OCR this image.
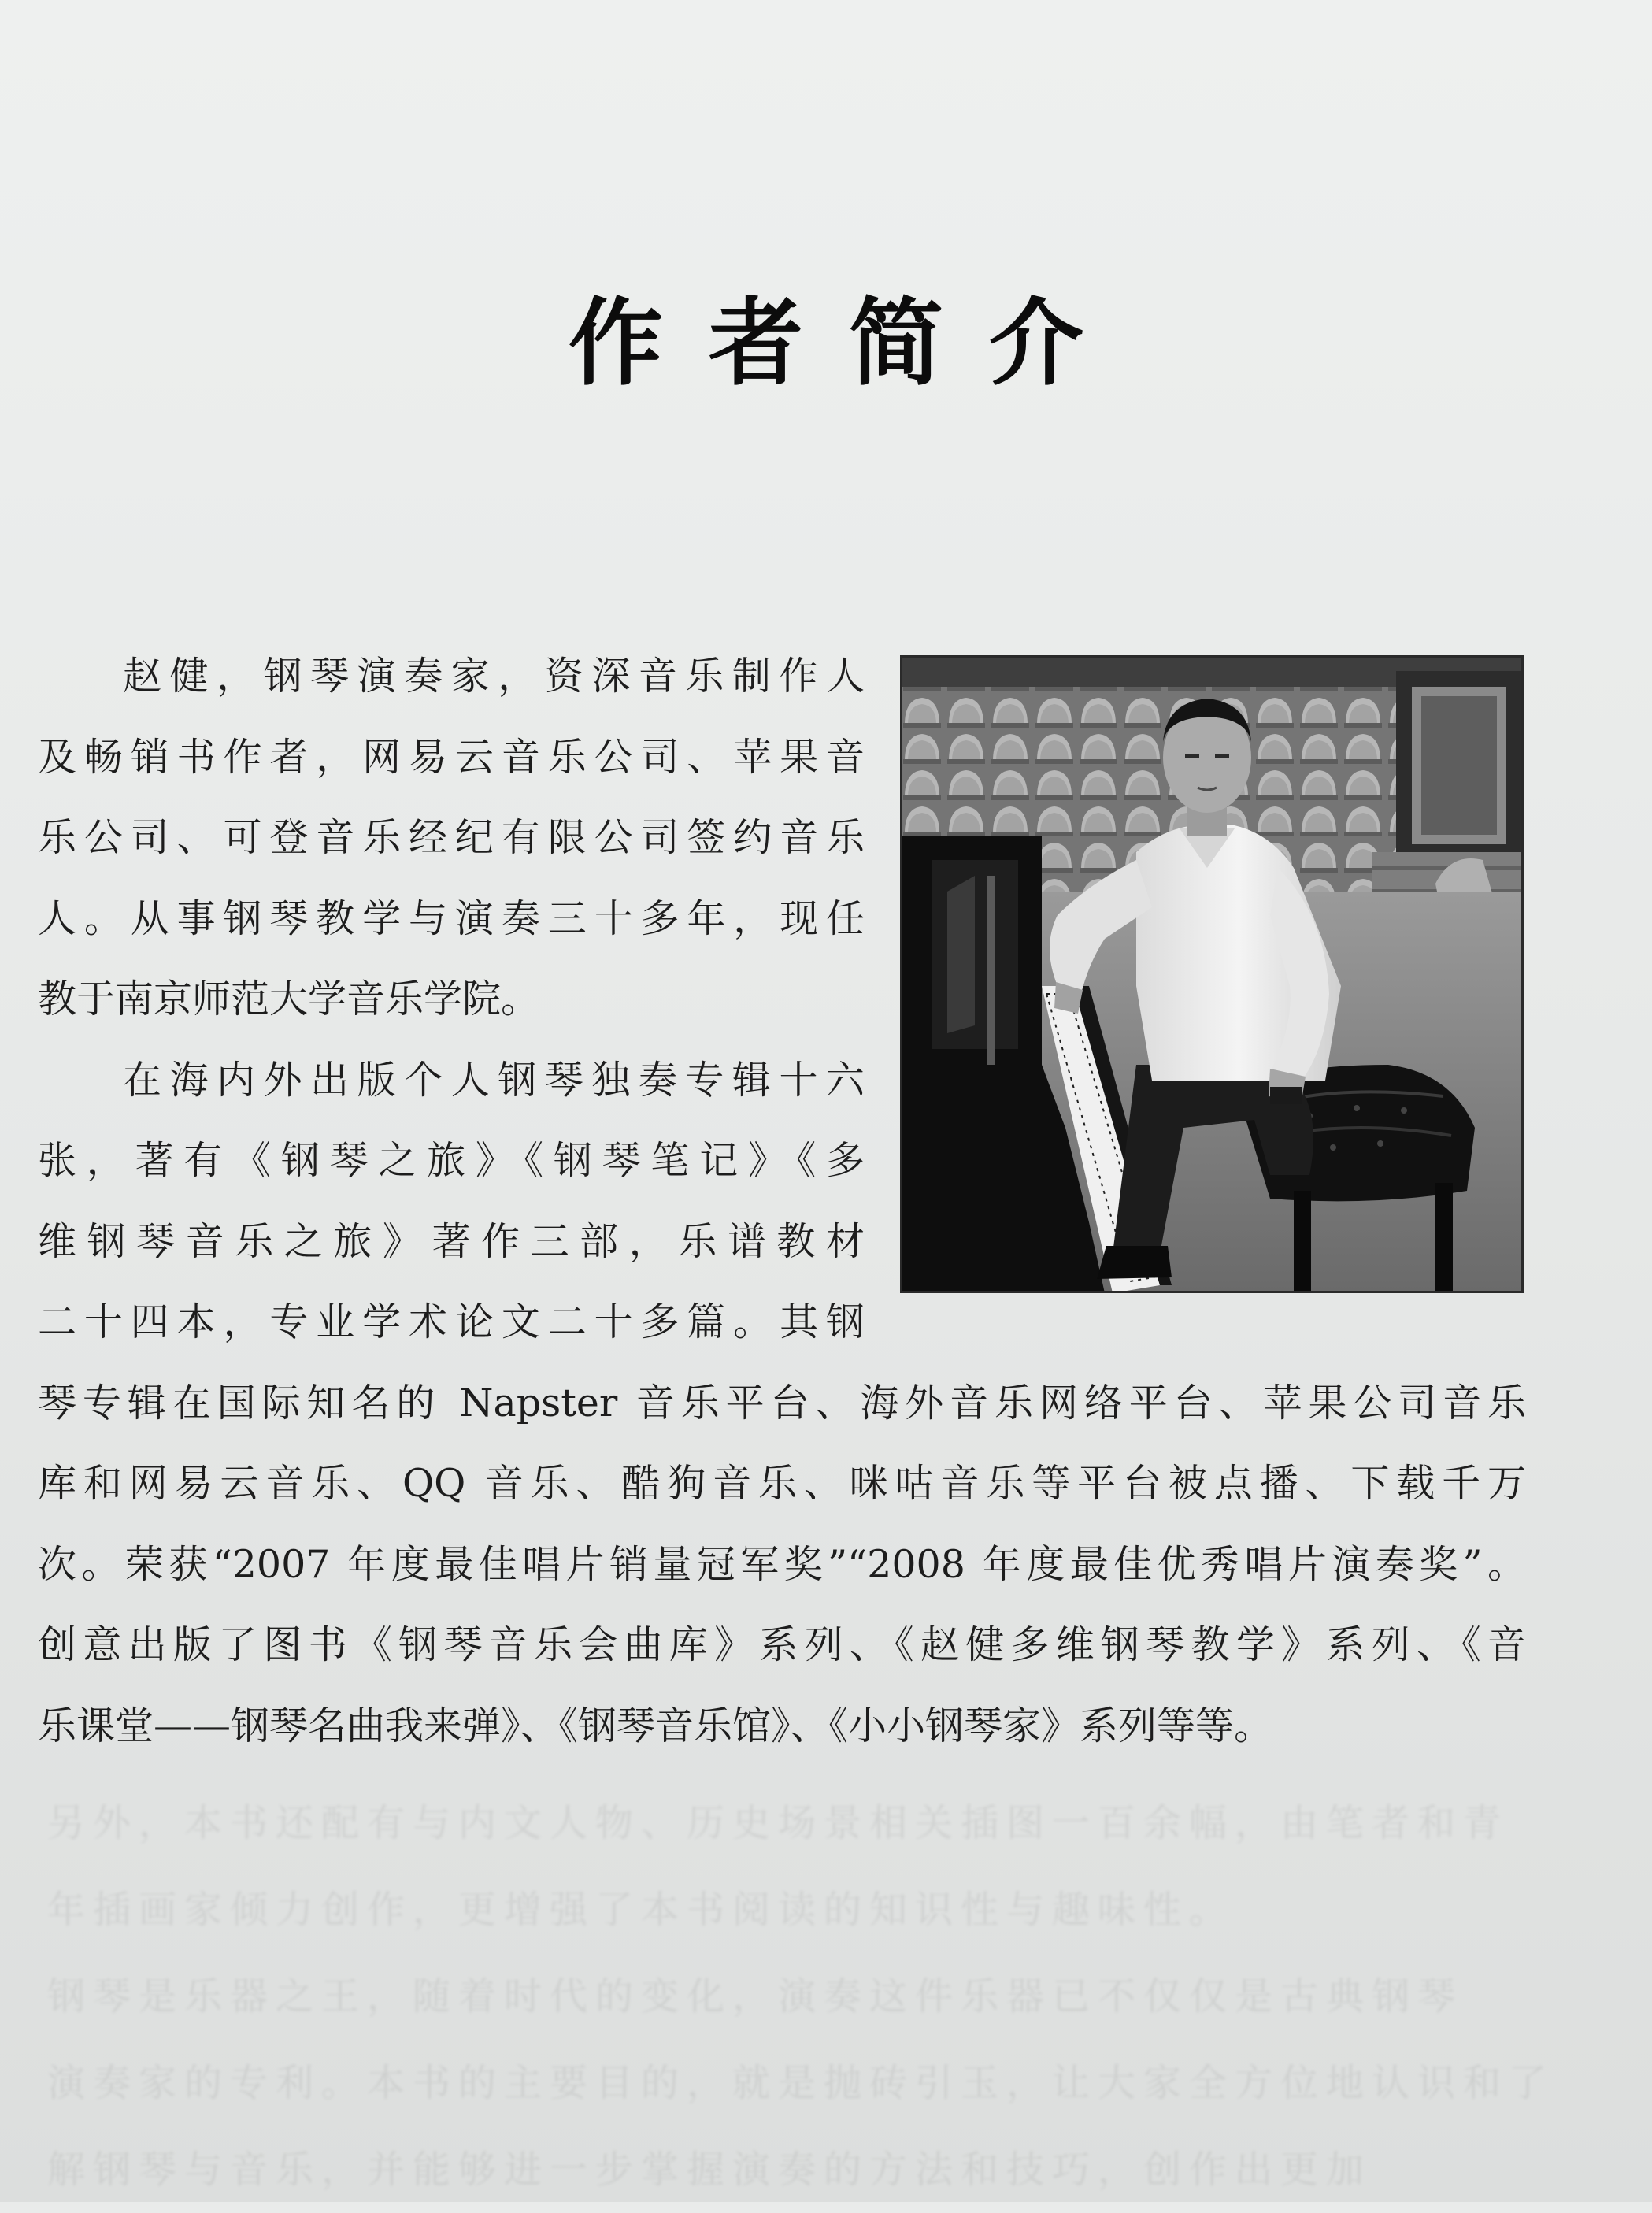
另外，本书还配有与内文人物、历史场景相关插图一百余幅，由笔者和青

年插画家倾力创作，更增强了本书阅读的知识性与趣味性。

钢琴是乐器之王，随着时代的变化，演奏这件乐器已不仅仅是古典钢琴

演奏家的专利。本书的主要目的，就是抛砖引玉，让大家全方位地认识和了

解钢琴与音乐，并能够进一步掌握演奏的方法和技巧，创作出更加

作者简介

赵健，钢琴演奏家，资深音乐制作人

及畅销书作者，网易云音乐公司、苹果音

乐公司、可登音乐经纪有限公司签约音乐

人。从事钢琴教学与演奏三十多年，现任

教于南京师范大学音乐学院。

在海内外出版个人钢琴独奏专辑十六

张，著有《钢琴之旅》《钢琴笔记》《多

维钢琴音乐之旅》著作三部，乐谱教材

二十四本，专业学术论文二十多篇。其钢

琴专辑在国际知名的 Napster 音乐平台、海外音乐网络平台、苹果公司音乐

库和网易云音乐、QQ 音乐、酷狗音乐、咪咕音乐等平台被点播、下载千万

次。荣获“2007 年度最佳唱片销量冠军奖”“2008 年度最佳优秀唱片演奏奖”。

创意出版了图书《钢琴音乐会曲库》系列、《赵健多维钢琴教学》系列、《音

乐课堂——钢琴名曲我来弹》、《钢琴音乐馆》、《小小钢琴家》系列等等。
